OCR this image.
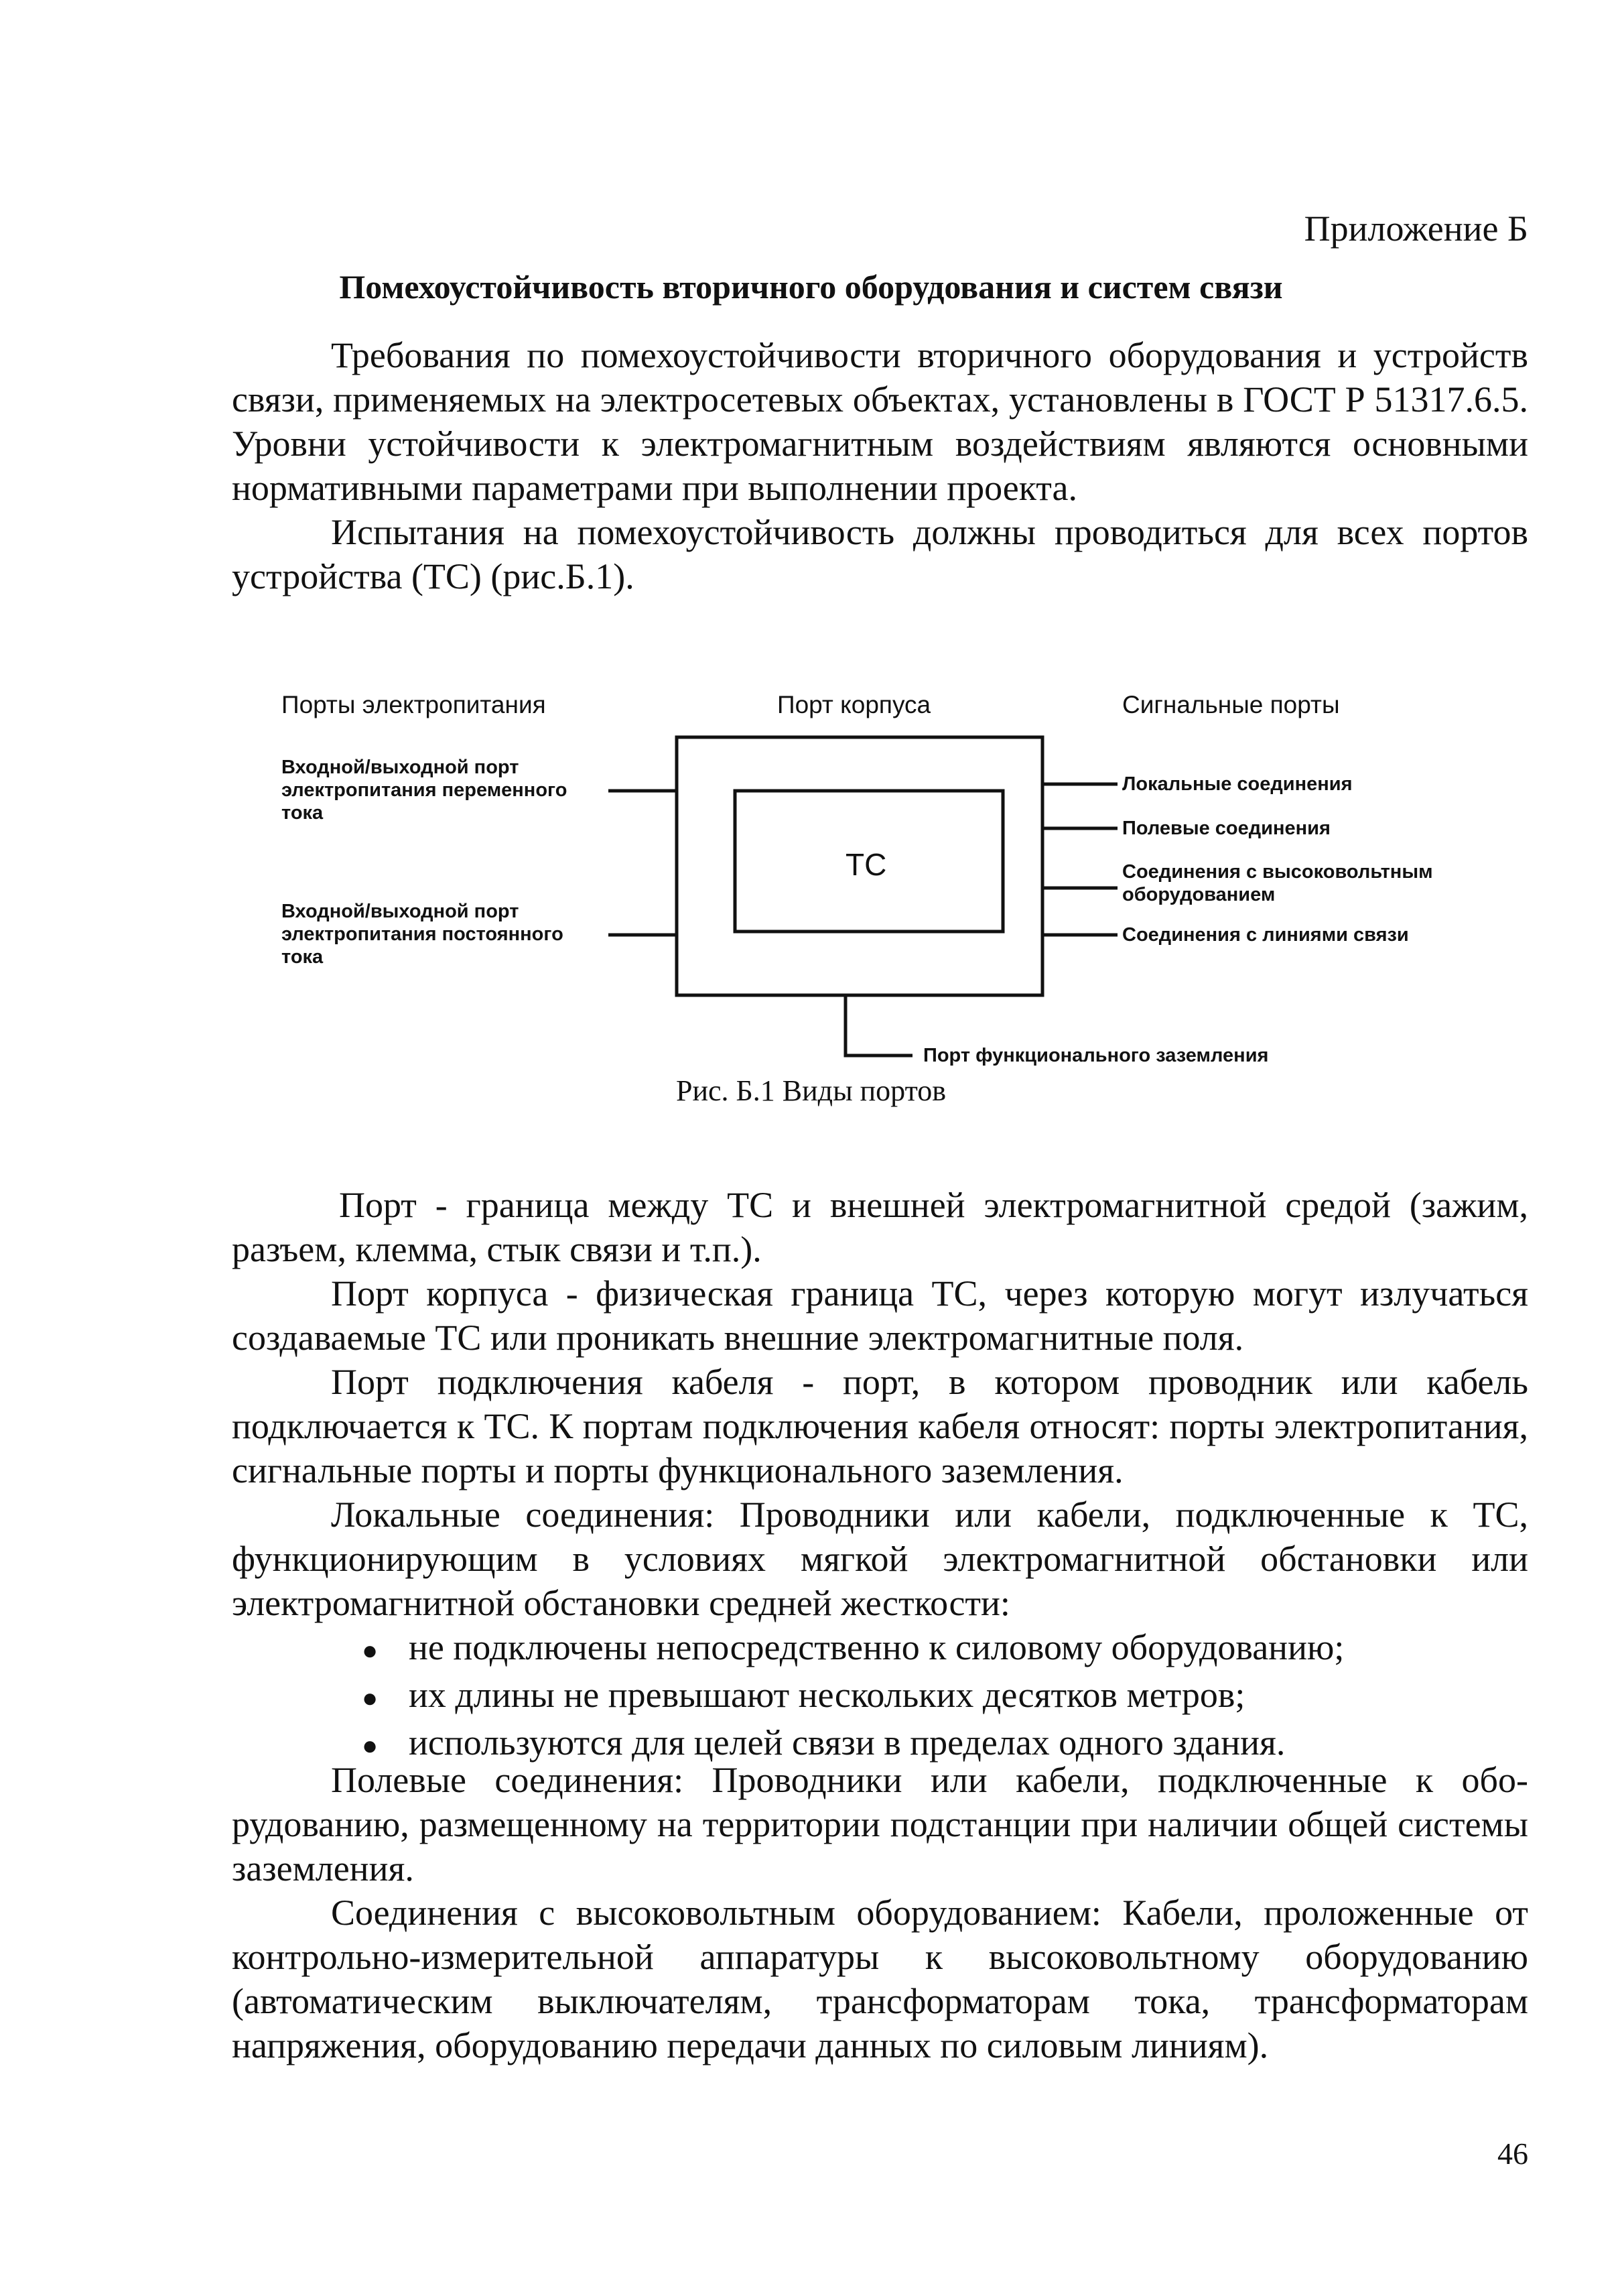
Приложение Б
Помехоустойчивость вторичного оборудования и систем связи

Требования по помехоустойчивости вторичного оборудования и устройств связи, применяемых на электросетевых объектах, установлены в ГОСТ Р 51317.6.5. Уровни устойчивости к электромагнитным воздействиям являются основными нормативными параметрами при выполнении проекта.

Испытания на помехоустойчивость должны проводиться для всех портов устройства (ТС) (рис.Б.1).

Порты электропитания	Порт корпуса	Сигнальные порты
Входной/выходной порт
электропитания переменного
тока
Входной/выходной порт
электропитания постоянного
тока
ТС
Локальные соединения
Полевые соединения
Соединения с высоковольтным
оборудованием
Соединения с линиями связи
Порт функционального заземления
Рис. Б.1 Виды портов

Порт - граница между ТС и внешней электромагнитной средой (зажим, разъем, клемма, стык связи и т.п.).

Порт корпуса - физическая граница ТС, через которую могут излучаться создаваемые ТС или проникать внешние электромагнитные поля.

Порт подключения кабеля - порт, в котором проводник или кабель подключается к ТС. К портам подключения кабеля относят: порты электропитания, сигнальные порты и порты функционального заземления.

Локальные соединения: Проводники или кабели, подключенные к ТС, функционирующим в условиях мягкой электромагнитной обстановки или электромагнитной обстановки средней жесткости:

● не подключены непосредственно к силовому оборудованию;
● их длины не превышают нескольких десятков метров;
● используются для целей связи в пределах одного здания.

Полевые соединения: Проводники или кабели, подключенные к обо-рудованию, размещенному на территории подстанции при наличии общей системы заземления.

Соединения с высоковольтным оборудованием: Кабели, проложенные от контрольно-измерительной аппаратуры к высоковольтному оборудованию (автоматическим выключателям, трансформаторам тока, трансформаторам напряжения, оборудованию передачи данных по силовым линиям).

46
